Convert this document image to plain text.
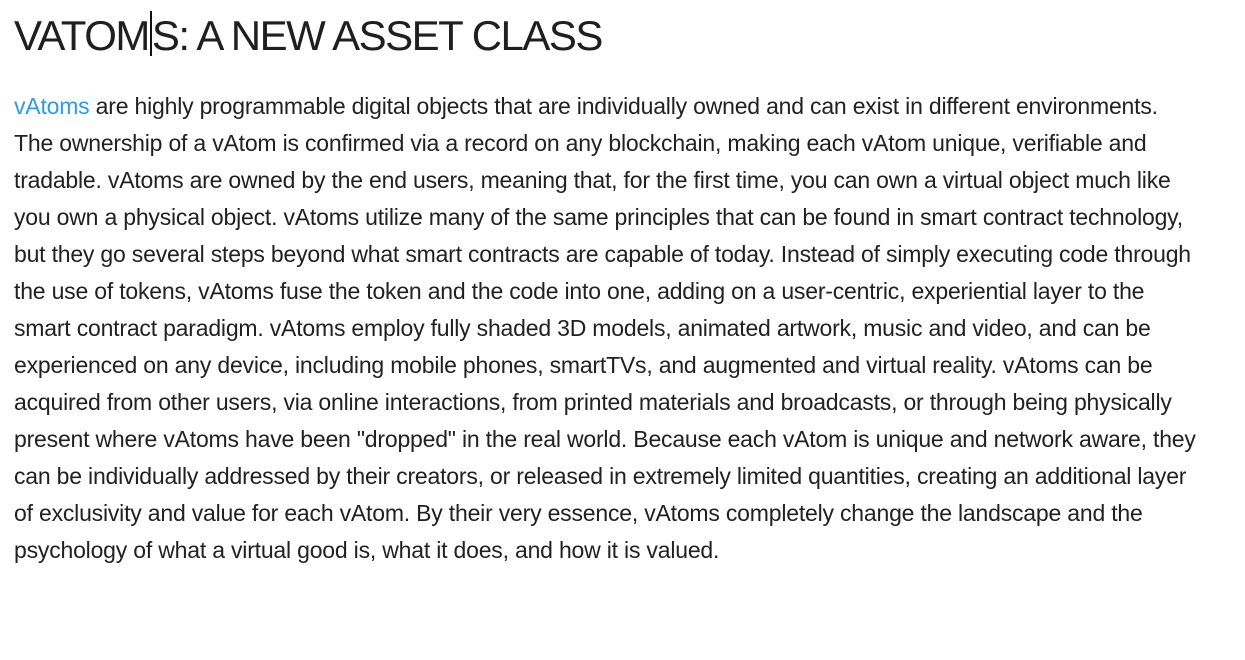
VATOMS: A NEW ASSET CLASS

vAtoms are highly programmable digital objects that are individually owned and can exist in different environments. The ownership of a vAtom is confirmed via a record on any blockchain, making each vAtom unique, verifiable and tradable. vAtoms are owned by the end users, meaning that, for the first time, you can own a virtual object much like you own a physical object. vAtoms utilize many of the same principles that can be found in smart contract technology, but they go several steps beyond what smart contracts are capable of today. Instead of simply executing code through the use of tokens, vAtoms fuse the token and the code into one, adding on a user-centric, experiential layer to the smart contract paradigm. vAtoms employ fully shaded 3D models, animated artwork, music and video, and can be experienced on any device, including mobile phones, smartTVs, and augmented and virtual reality. vAtoms can be acquired from other users, via online interactions, from printed materials and broadcasts, or through being physically present where vAtoms have been "dropped" in the real world. Because each vAtom is unique and network aware, they can be individually addressed by their creators, or released in extremely limited quantities, creating an additional layer of exclusivity and value for each vAtom. By their very essence, vAtoms completely change the landscape and the psychology of what a virtual good is, what it does, and how it is valued.
